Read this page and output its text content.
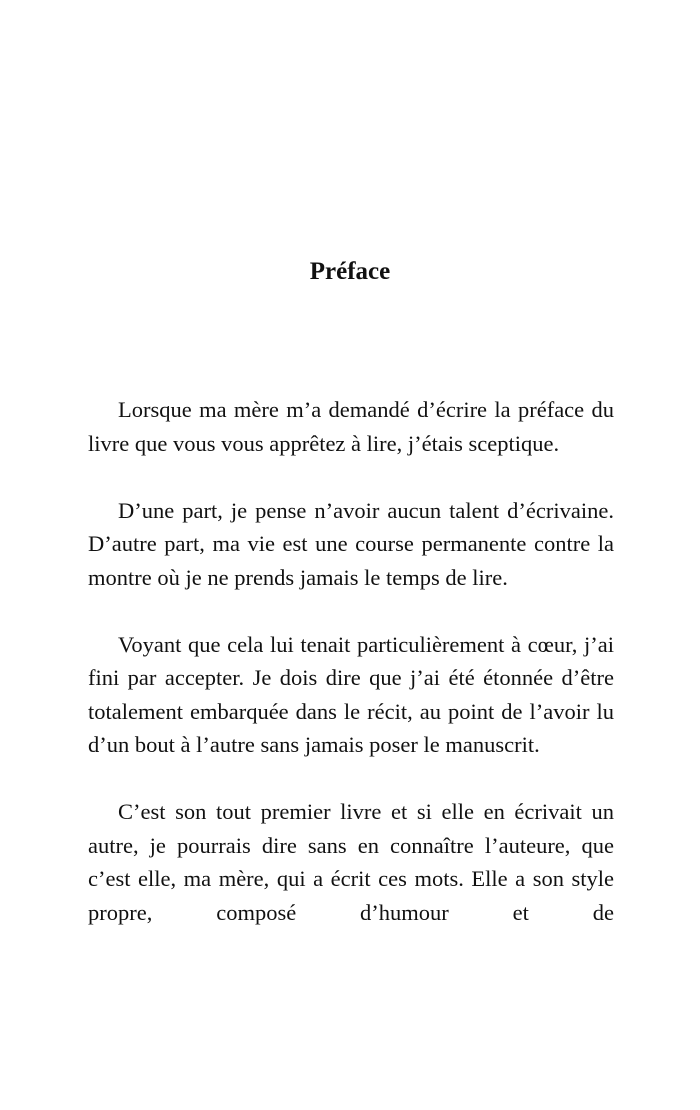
Préface

Lorsque ma mère m’a demandé d’écrire la préface du livre que vous vous apprêtez à lire, j’étais sceptique.

D’une part, je pense n’avoir aucun talent d’écrivaine. D’autre part, ma vie est une course permanente contre la montre où je ne prends jamais le temps de lire.

Voyant que cela lui tenait particulièrement à cœur, j’ai fini par accepter. Je dois dire que j’ai été étonnée d’être totalement embarquée dans le récit, au point de l’avoir lu d’un bout à l’autre sans jamais poser le manuscrit.

C’est son tout premier livre et si elle en écrivait un autre, je pourrais dire sans en connaître l’auteure, que c’est elle, ma mère, qui a écrit ces mots. Elle a son style propre, composé d’humour et de
